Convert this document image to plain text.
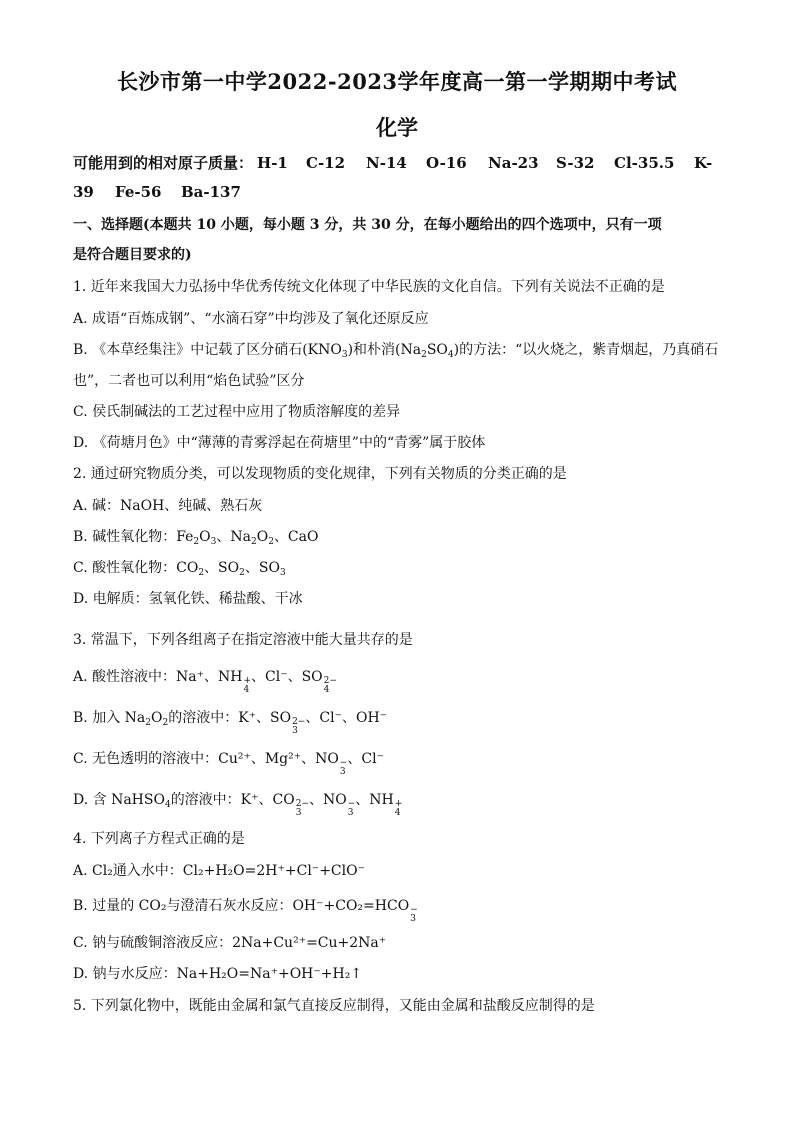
长沙市第一中学2022-2023学年度高一第一学期期中考试
化学
可能用到的相对原子质量： H-1 C-12 N-14 O-16 Na-23 S-32 Cl-35.5 K-
39 Fe-56 Ba-137
一、选择题(本题共 10 小题，每小题 3 分，共 30 分，在每小题给出的四个选项中，只有一项
是符合题目要求的)
1. 近年来我国大力弘扬中华优秀传统文化体现了中华民族的文化自信。下列有关说法不正确的是
A. 成语“百炼成钢”、“水滴石穿”中均涉及了氧化还原反应
B. 《本草经集注》中记载了区分硝石$(KNO_3)$和朴消$(Na_2SO_4)$的方法：“以火烧之，紫青烟起，乃真硝石
也”，二者也可以利用“焰色试验”区分
C. 侯氏制碱法的工艺过程中应用了物质溶解度的差异
D. 《荷塘月色》中“薄薄的青雾浮起在荷塘里”中的“青雾”属于胶体
2. 通过研究物质分类，可以发现物质的变化规律，下列有关物质的分类正确的是
A. 碱：NaOH、纯碱、熟石灰
B. 碱性氧化物：$Fe_2O_3$、$Na_2O_2$、CaO
C. 酸性氧化物：$CO_2$、$SO_2$、$SO_3$
D. 电解质：氢氧化铁、稀盐酸、干冰
3. 常温下，下列各组离子在指定溶液中能大量共存的是
A. 酸性溶液中：Na⁺、NH +
4
、Cl⁻、SO 2−
4
B. 加入 $Na_2O_2$的溶液中：K⁺、SO 2−
3
、Cl⁻、OH⁻
C. 无色透明的溶液中：Cu²⁺、Mg²⁺、NO −
3
、Cl⁻
D. 含 NaHSO$_4$的溶液中：K⁺、CO 2−
3
、NO −
3
、NH +
4
4. 下列离子方程式正确的是
A. Cl₂通入水中：Cl₂+H₂O=2H⁺+Cl⁻+ClO⁻
B. 过量的 CO₂与澄清石灰水反应：OH⁻+CO₂=HCO −
3
C. 钠与硫酸铜溶液反应：2Na+Cu²⁺=Cu+2Na⁺
D. 钠与水反应：Na+H₂O=Na⁺+OH⁻+H₂↑
5. 下列氯化物中，既能由金属和氯气直接反应制得，又能由金属和盐酸反应制得的是
